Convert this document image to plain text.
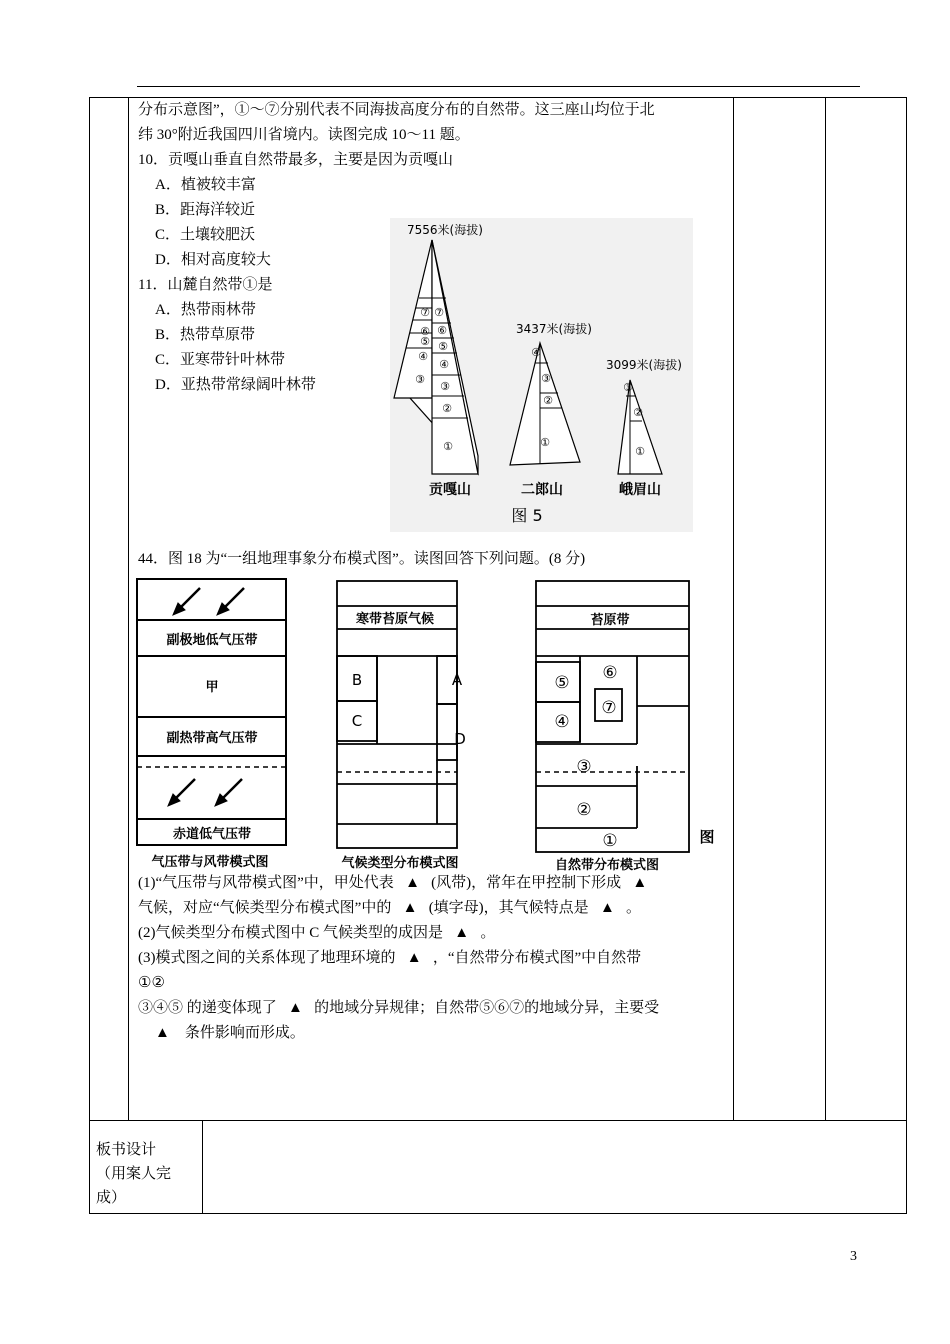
分布示意图”，①～⑦分别代表不同海拔高度分布的自然带。这三座山均位于北
纬 30°附近我国四川省境内。读图完成 10～11 题。
10．贡嘎山垂直自然带最多，主要是因为贡嘎山
A．植被较丰富
B．距海洋较近
C．土壤较肥沃
D．相对高度较大
11．山麓自然带①是
A．热带雨林带
B．热带草原带
C．亚寒带针叶林带
D．亚热带常绿阔叶林带
7556米(海拔)
⑥
⑤
④
③
⑦ ⑦
⑥
⑤
④
③
②
①
3437米(海拔)
④
③
②
①
3099米(海拔)
③
②
①
贡嘎山	二郎山	峨眉山
图 5
44．图 18 为“一组地理事象分布模式图”。读图回答下列问题。(8 分)
副极地低气压带
甲
副热带高气压带
赤道低气压带
寒带苔原气候
B
C
A
D
苔原带
⑤
④
⑥
⑦
③
②
①	图
气压带与风带模式图	气候类型分布模式图	自然带分布模式图
(1)“气压带与风带模式图”中，甲处代表 ▲ (风带)，常年在甲控制下形成 ▲
气候，对应“气候类型分布模式图”中的 ▲ (填字母)，其气候特点是 ▲ 。
(2)气候类型分布模式图中 C 气候类型的成因是 ▲ 。
(3)模式图之间的关系体现了地理环境的 ▲ ，“自然带分布模式图”中自然带
①②
③④⑤ 的递变体现了 ▲ 的地域分异规律；自然带⑤⑥⑦的地域分异，主要受
▲ 条件影响而形成。
板书设计
（用案人完
成）
3
